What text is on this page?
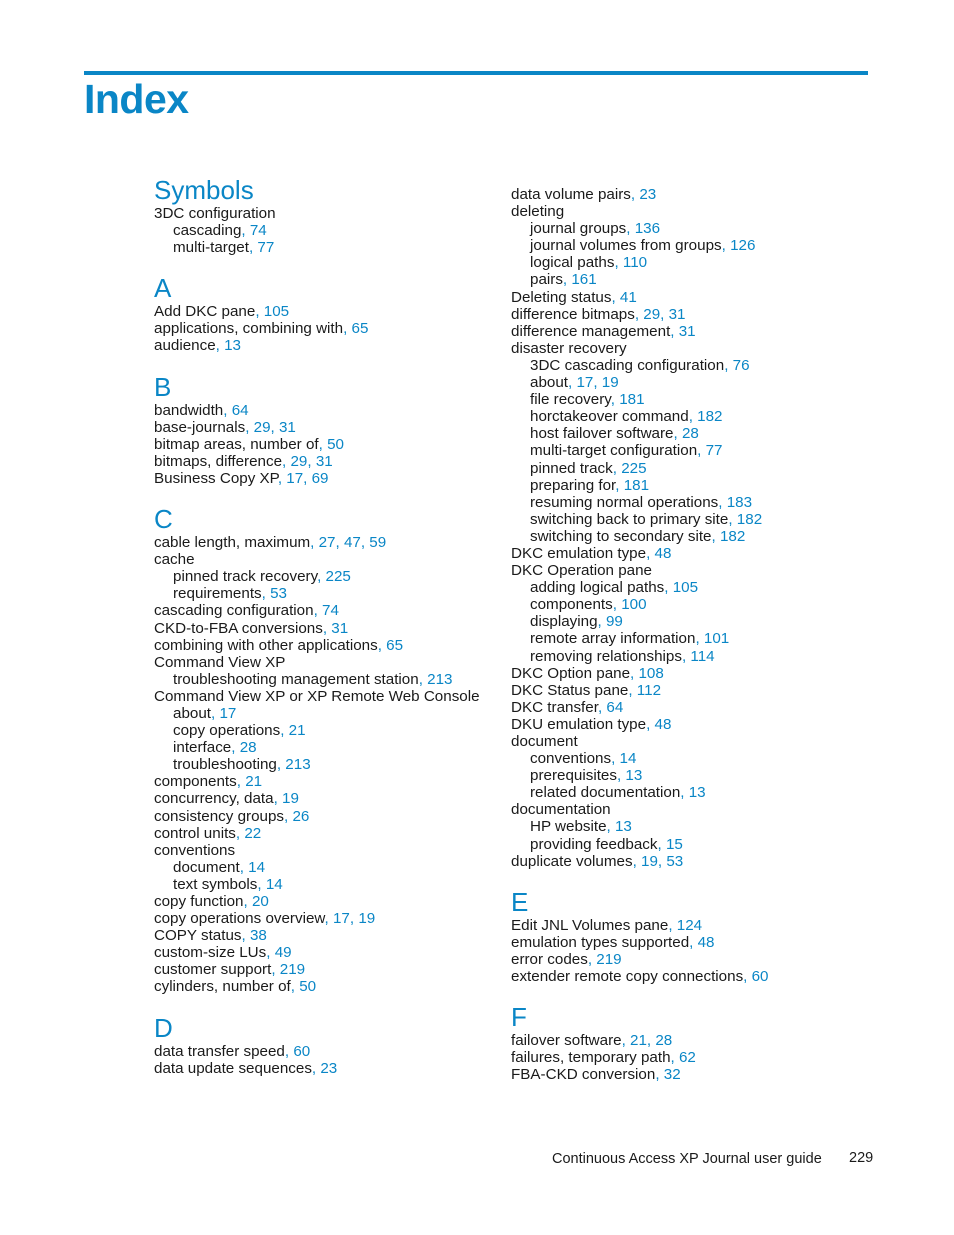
Index
Symbols
3DC configuration
cascading, 74
multi-target, 77
A
Add DKC pane, 105
applications, combining with, 65
audience, 13
B
bandwidth, 64
base-journals, 29, 31
bitmap areas, number of, 50
bitmaps, difference, 29, 31
Business Copy XP, 17, 69
C
cable length, maximum, 27, 47, 59
cache
pinned track recovery, 225
requirements, 53
cascading configuration, 74
CKD-to-FBA conversions, 31
combining with other applications, 65
Command View XP
troubleshooting management station, 213
Command View XP or XP Remote Web Console
about, 17
copy operations, 21
interface, 28
troubleshooting, 213
components, 21
concurrency, data, 19
consistency groups, 26
control units, 22
conventions
document, 14
text symbols, 14
copy function, 20
copy operations overview, 17, 19
COPY status, 38
custom-size LUs, 49
customer support, 219
cylinders, number of, 50
D
data transfer speed, 60
data update sequences, 23
data volume pairs, 23
deleting
journal groups, 136
journal volumes from groups, 126
logical paths, 110
pairs, 161
Deleting status, 41
difference bitmaps, 29, 31
difference management, 31
disaster recovery
3DC cascading configuration, 76
about, 17, 19
file recovery, 181
horctakeover command, 182
host failover software, 28
multi-target configuration, 77
pinned track, 225
preparing for, 181
resuming normal operations, 183
switching back to primary site, 182
switching to secondary site, 182
DKC emulation type, 48
DKC Operation pane
adding logical paths, 105
components, 100
displaying, 99
remote array information, 101
removing relationships, 114
DKC Option pane, 108
DKC Status pane, 112
DKC transfer, 64
DKU emulation type, 48
document
conventions, 14
prerequisites, 13
related documentation, 13
documentation
HP website, 13
providing feedback, 15
duplicate volumes, 19, 53
E
Edit JNL Volumes pane, 124
emulation types supported, 48
error codes, 219
extender remote copy connections, 60
F
failover software, 21, 28
failures, temporary path, 62
FBA-CKD conversion, 32
Continuous Access XP Journal user guide 229
